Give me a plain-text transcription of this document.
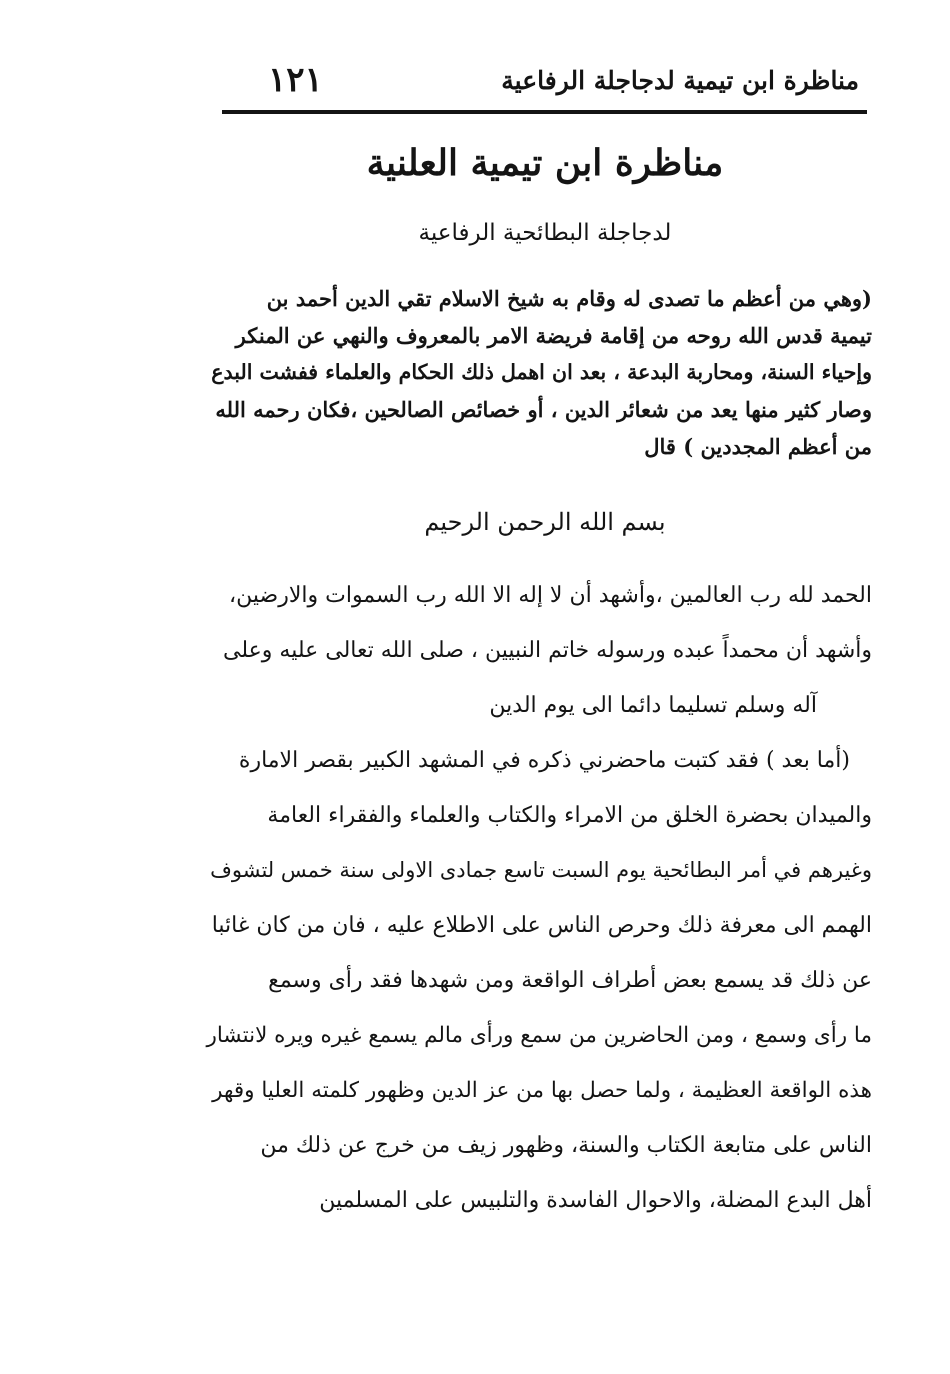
مناظرة ابن تيمية لدجاجلة الرفاعية
١٢١
مناظرة ابن تيمية العلنية
لدجاجلة البطائحية الرفاعية
(وهي من أعظم ما تصدى له وقام به شيخ الاسلام تقي الدين أحمد بن
تيمية قدس الله روحه من إقامة فريضة الامر بالمعروف والنهي عن المنكر
وإحياء السنة، ومحاربة البدعة ، بعد ان اهمل ذلك الحكام والعلماء ففشت البدع
وصار كثير منها يعد من شعائر الدين ، أو خصائص الصالحين ،فكان رحمه الله
من أعظم المجددين ) قال
بسم الله الرحمن الرحيم
الحمد لله رب العالمين ،وأشهد أن لا إله الا الله رب السموات والارضين،
وأشهد أن محمداً عبده ورسوله خاتم النبيين ، صلى الله تعالى عليه وعلى
آله وسلم تسليما دائما الى يوم الدين
(أما بعد ) فقد كتبت ماحضرني ذكره في المشهد الكبير بقصر الامارة
والميدان بحضرة الخلق من الامراء والكتاب والعلماء والفقراء العامة
وغيرهم في أمر البطائحية يوم السبت تاسع جمادى الاولى سنة خمس لتشوف
الهمم الى معرفة ذلك وحرص الناس على الاطلاع عليه ، فان من كان غائبا
عن ذلك قد يسمع بعض أطراف الواقعة ومن شهدها فقد رأى وسمع
ما رأى وسمع ، ومن الحاضرين من سمع ورأى مالم يسمع غيره ويره لانتشار
هذه الواقعة العظيمة ، ولما حصل بها من عز الدين وظهور كلمته العليا وقهر
الناس على متابعة الكتاب والسنة، وظهور زيف من خرج عن ذلك من
أهل البدع المضلة، والاحوال الفاسدة والتلبيس على المسلمين
